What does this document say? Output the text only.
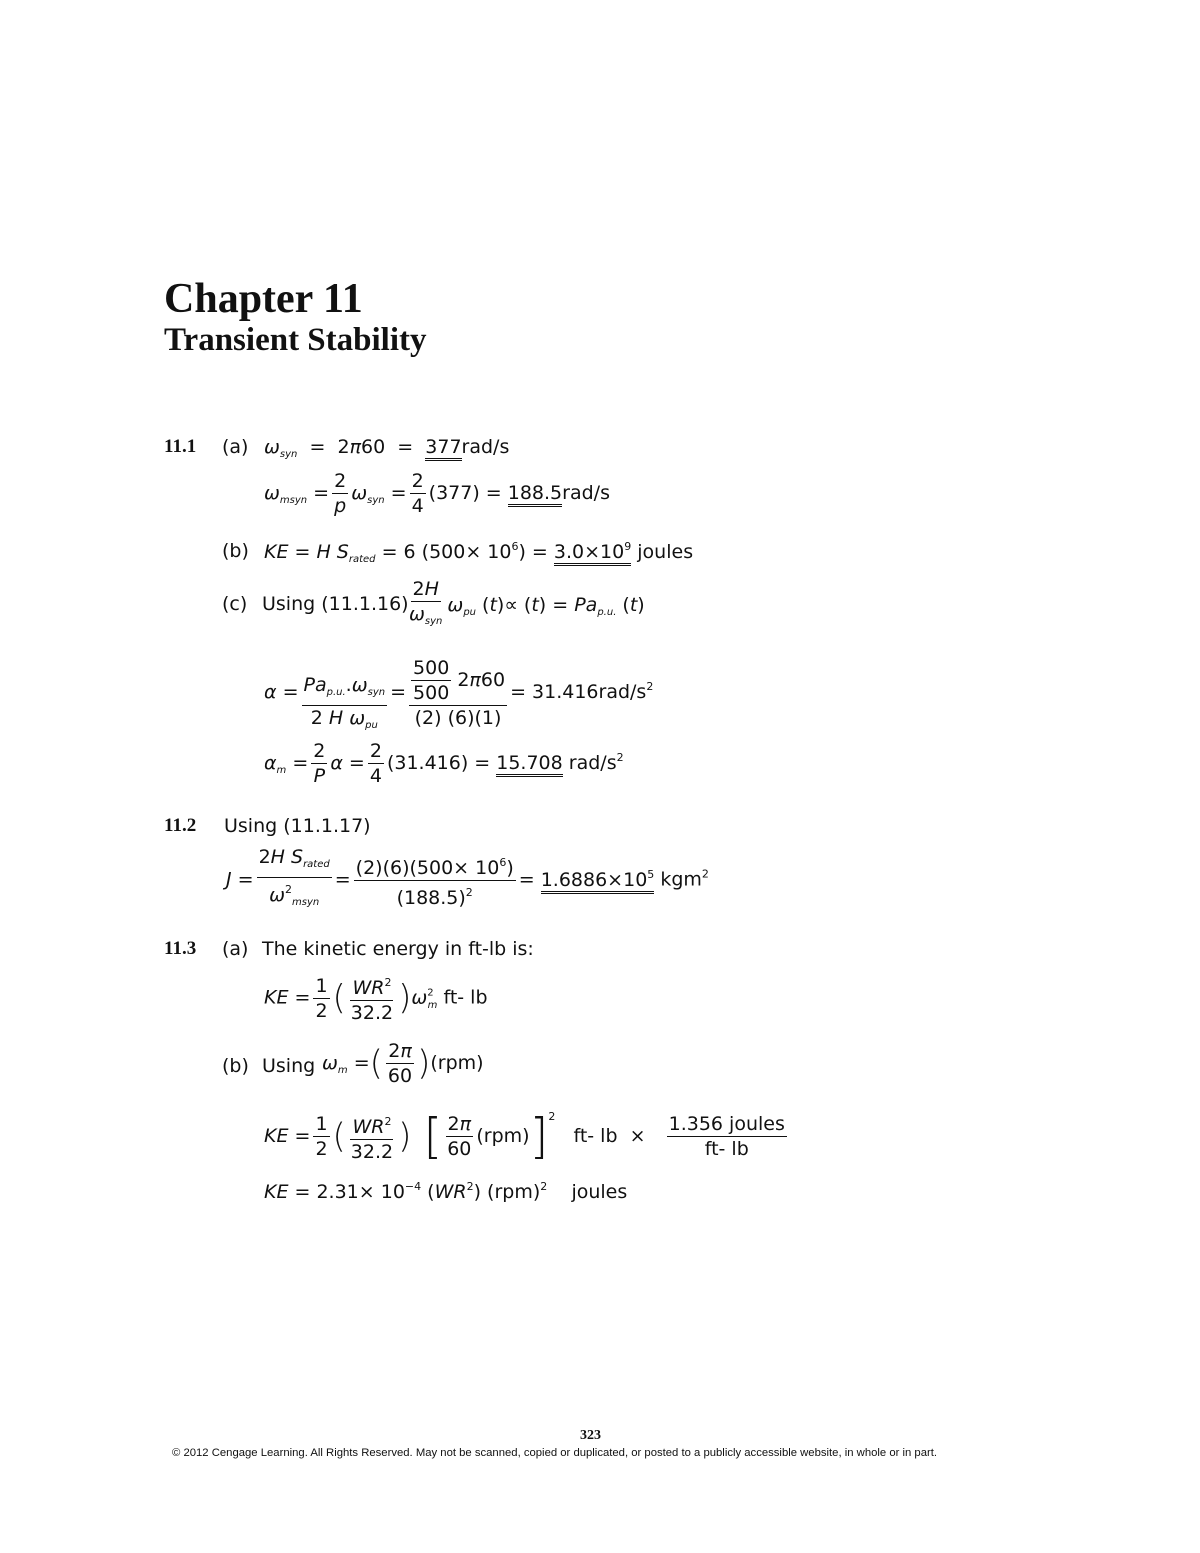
Chapter 11
Transient Stability
11.1 (a) $\omega_{syn} = 2\pi 60 = 377rad/s$
$\omega_{msyn} = \frac{2}{p} \omega_{syn} = \frac{2}{4} (377) = 188.5rad/s$
(b) KE = H $S_{rated} = 6$ $(500\times 10^6) = 3.0\times 10^9$ joules
(c) Using (11.1.16)
$\frac{2H}{\omega_{syn}} \omega_{pu}$ $(t)\propto (t) = Pa_{p.u.}$ (t)
$\alpha = \frac{Pa_{p.u.}.\omega_{syn}}{2 H \omega_{pu}} = \frac{\frac{500}{500} 2\pi 60}{(2) (6)(1)} = 31.416rad/s^2$
$\alpha_m = \frac{2}{P}$ $\alpha = \frac{2}{4} (31.416) = 15.708$ rad/$s^2$
11.2 Using (11.1.17)
$J = \frac{2H S_{rated}}{\omega^2_{msyn}} = \frac{(2)(6)(500\times 10^6)}{(188.5)^2} = 1.6886\times 10^5$ kgm$^2$
11.3 (a) The kinetic energy in ft-lb is:
KE = $\frac{1}{2}$ ( $\frac{WR^2}{32.2} )\omega^2_m$ ft- lb
(b) Using $\omega_m$ =( $\frac{2\pi}{60} )(rpm)$
KE = $\frac{1}{2}$ ( $\frac{WR^2}{32.2}$ ) [ $\frac{2\pi}{60} (rpm)]^2$   ft- lb  × $\frac{\text{1.356 joules}}{ft- lb}$
KE = $2.31\times 10^{-4}$ $(WR^2)$ (rpm)$^2$ joules
323
© 2012 Cengage Learning. All Rights Reserved. May not be scanned, copied or duplicated, or posted to a publicly accessible website, in whole or in part.
